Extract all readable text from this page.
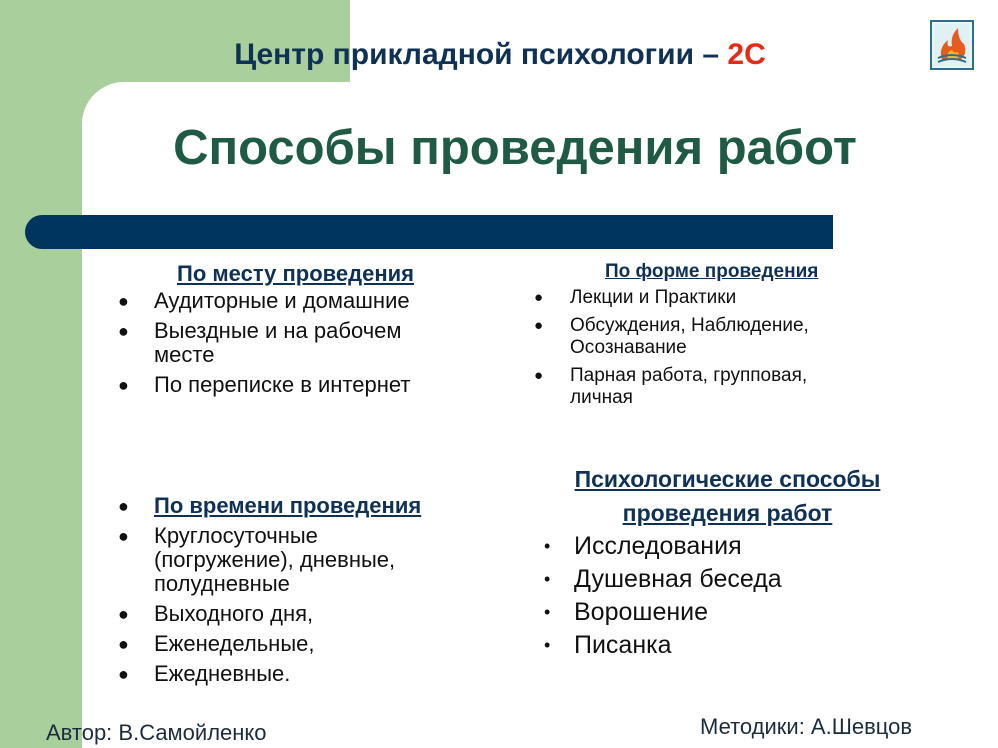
Центр прикладной психологии – 2С
Способы проведения работ
По месту проведения
● Аудиторные и домашние
● Выездные и на рабочем месте
● По переписке в интернет
По форме проведения
● Лекции и Практики
● Обсуждения, Наблюдение, Осознавание
● Парная работа, групповая, личная
● По времени проведения
● Круглосуточные (погружение), дневные, полудневные
● Выходного дня,
● Еженедельные,
● Ежедневные.
Психологические способы проведения работ
• Исследования
• Душевная беседа
• Ворошение
• Писанка
Автор: В.Самойленко	Методики: А.Шевцов
